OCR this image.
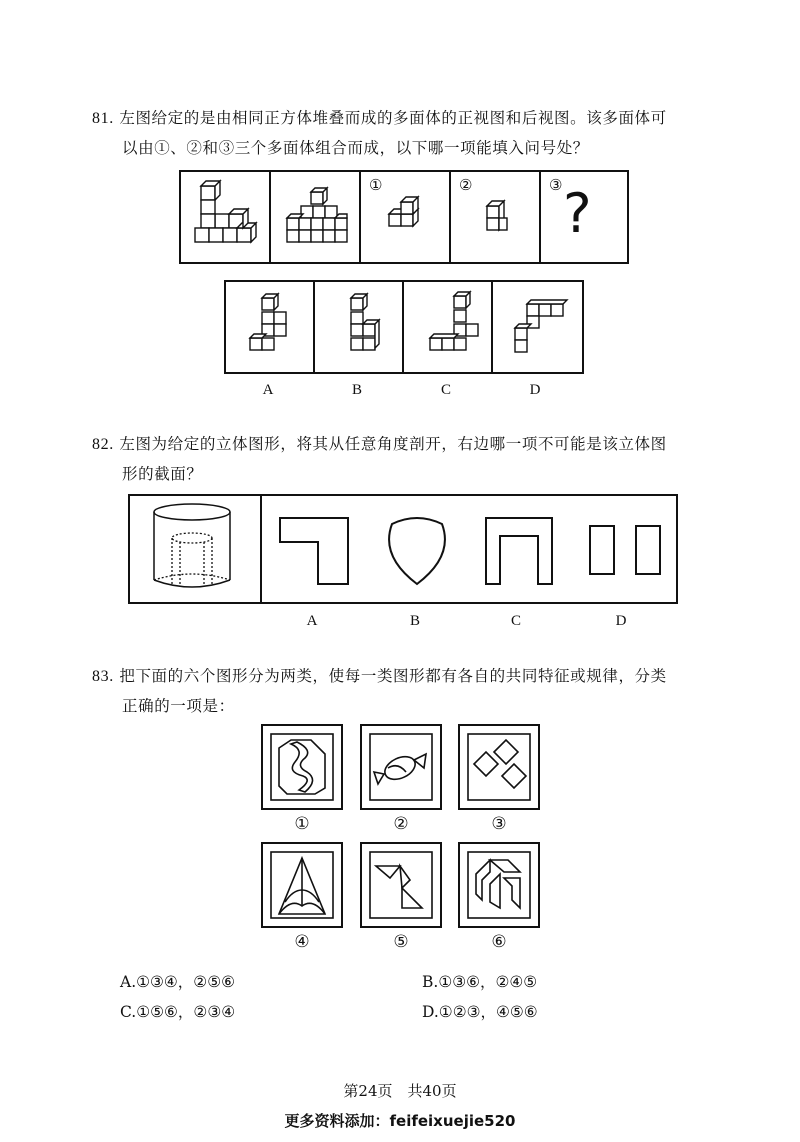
81. 左图给定的是由相同正方体堆叠而成的多面体的正视图和后视图。该多面体可
以由①、②和③三个多面体组合而成，以下哪一项能填入问号处？
①	②	③ ?
A	B	C	D
82. 左图为给定的立体图形，将其从任意角度剖开，右边哪一项不可能是该立体图
形的截面？
A	B	C	D
83. 把下面的六个图形分为两类，使每一类图形都有各自的共同特征或规律，分类
正确的一项是：
①	②	③
④	⑤	⑥
A.①③④，②⑤⑥	B.①③⑥，②④⑤
C.①⑤⑥，②③④	D.①②③，④⑤⑥
第24页　共40页
更多资料添加：feifeixuejie520
